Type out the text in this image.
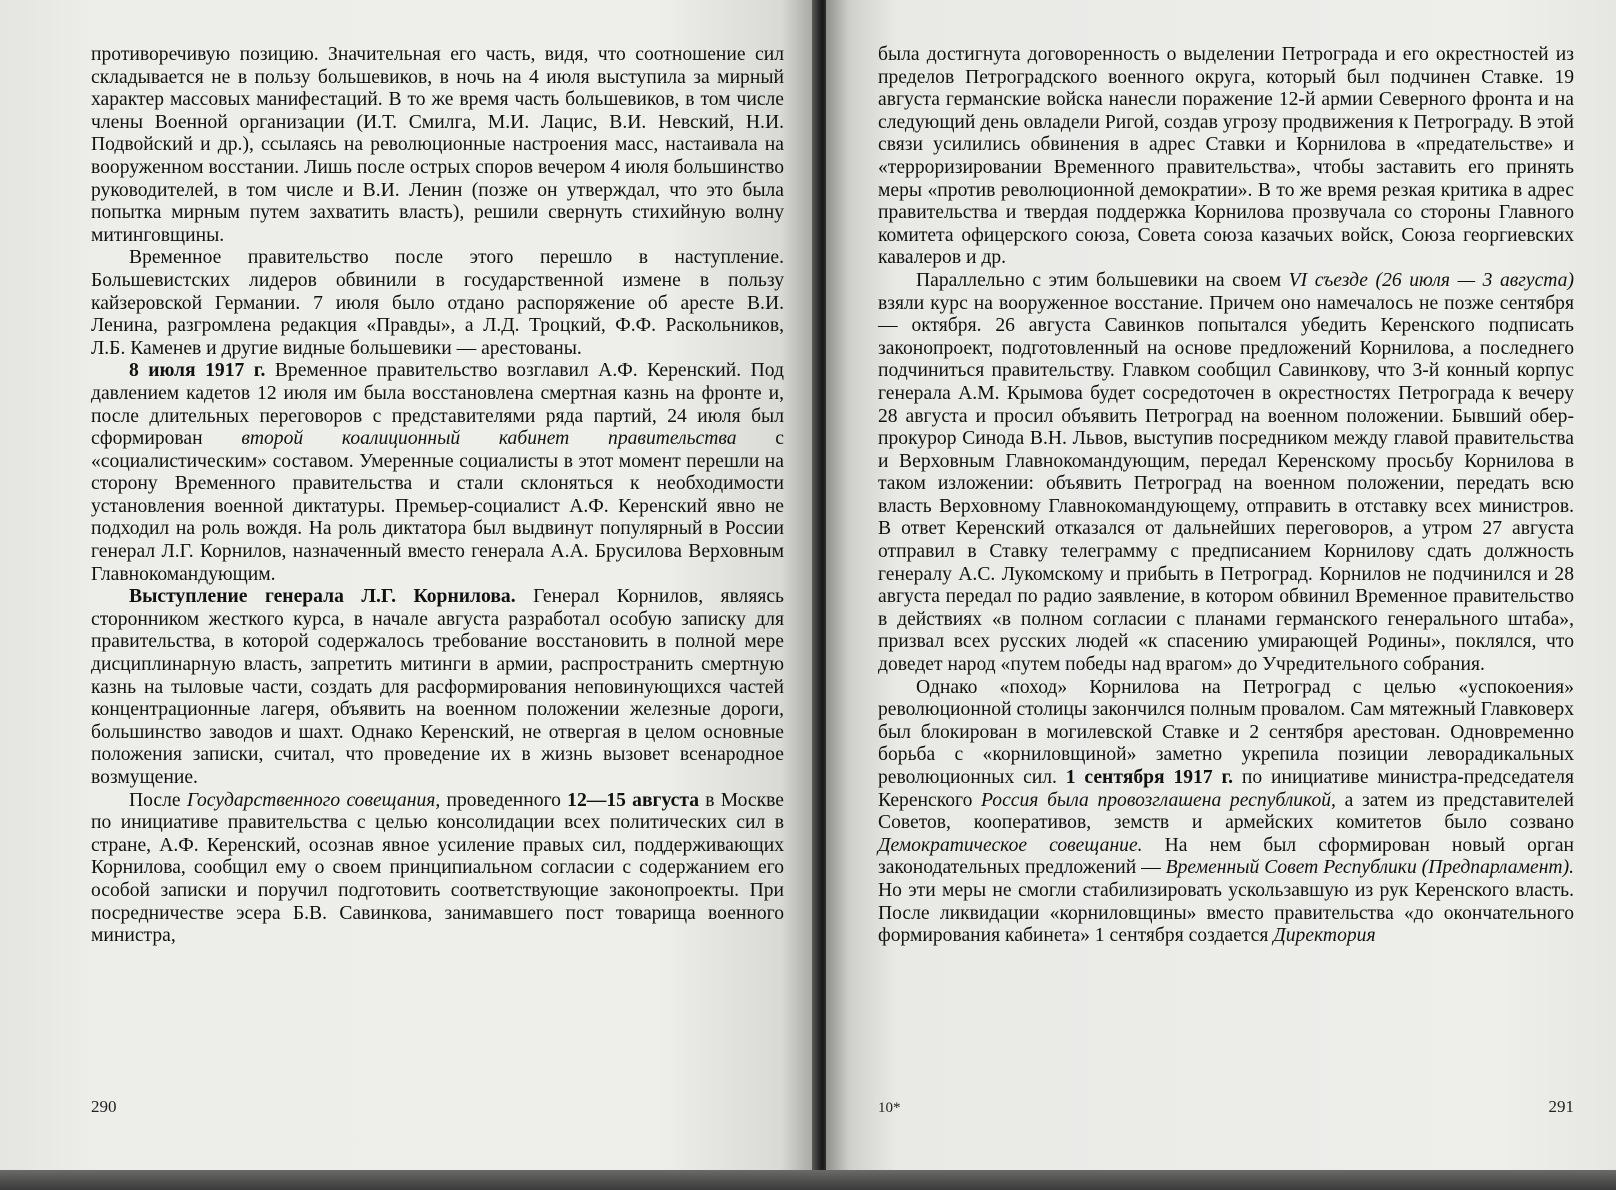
противоречивую позицию. Значительная его часть, видя, что соотношение сил складывается не в пользу большевиков, в ночь на 4 июля выступила за мирный характер массовых манифестаций. В то же время часть большевиков, в том числе члены Военной организации (И.Т. Смилга, М.И. Лацис, В.И. Невский, Н.И. Подвойский и др.), ссылаясь на революционные настроения масс, настаивала на вооруженном восстании. Лишь после острых споров вечером 4 июля большинство руководителей, в том числе и В.И. Ленин (позже он утверждал, что это была попытка мирным путем захватить власть), решили свернуть стихийную волну митинговщины.

Временное правительство после этого перешло в наступление. Большевистских лидеров обвинили в государственной измене в пользу кайзеровской Германии. 7 июля было отдано распоряжение об аресте В.И. Ленина, разгромлена редакция «Правды», а Л.Д. Троцкий, Ф.Ф. Раскольников, Л.Б. Каменев и другие видные большевики — арестованы.

8 июля 1917 г. Временное правительство возглавил А.Ф. Керенский. Под давлением кадетов 12 июля им была восстановлена смертная казнь на фронте и, после длительных переговоров с представителями ряда партий, 24 июля был сформирован второй коалиционный кабинет правительства с «социалистическим» составом. Умеренные социалисты в этот момент перешли на сторону Временного правительства и стали склоняться к необходимости установления военной диктатуры. Премьер-социалист А.Ф. Керенский явно не подходил на роль вождя. На роль диктатора был выдвинут популярный в России генерал Л.Г. Корнилов, назначенный вместо генерала А.А. Брусилова Верховным Главнокомандующим.

Выступление генерала Л.Г. Корнилова. Генерал Корнилов, являясь сторонником жесткого курса, в начале августа разработал особую записку для правительства, в которой содержалось требование восстановить в полной мере дисциплинарную власть, запретить митинги в армии, распространить смертную казнь на тыловые части, создать для расформирования неповинующихся частей концентрационные лагеря, объявить на военном положении железные дороги, большинство заводов и шахт. Однако Керенский, не отвергая в целом основные положения записки, считал, что проведение их в жизнь вызовет всенародное возмущение.

После Государственного совещания, проведенного 12—15 августа в Москве по инициативе правительства с целью консолидации всех политических сил в стране, А.Ф. Керенский, осознав явное усиление правых сил, поддерживающих Корнилова, сообщил ему о своем принципиальном согласии с содержанием его особой записки и поручил подготовить соответствующие законопроекты. При посредничестве эсера Б.В. Савинкова, занимавшего пост товарища военного министра,

290

была достигнута договоренность о выделении Петрограда и его окрестностей из пределов Петроградского военного округа, который был подчинен Ставке. 19 августа германские войска нанесли поражение 12-й армии Северного фронта и на следующий день овладели Ригой, создав угрозу продвижения к Петрограду. В этой связи усилились обвинения в адрес Ставки и Корнилова в «предательстве» и «терроризировании Временного правительства», чтобы заставить его принять меры «против революционной демократии». В то же время резкая критика в адрес правительства и твердая поддержка Корнилова прозвучала со стороны Главного комитета офицерского союза, Совета союза казачьих войск, Союза георгиевских кавалеров и др.

Параллельно с этим большевики на своем VI съезде (26 июля — 3 августа) взяли курс на вооруженное восстание. Причем оно намечалось не позже сентября — октября. 26 августа Савинков попытался убедить Керенского подписать законопроект, подготовленный на основе предложений Корнилова, а последнего подчиниться правительству. Главком сообщил Савинкову, что 3-й конный корпус генерала А.М. Крымова будет сосредоточен в окрестностях Петрограда к вечеру 28 августа и просил объявить Петроград на военном положении. Бывший обер-прокурор Синода В.Н. Львов, выступив посредником между главой правительства и Верховным Главнокомандующим, передал Керенскому просьбу Корнилова в таком изложении: объявить Петроград на военном положении, передать всю власть Верховному Главнокомандующему, отправить в отставку всех министров. В ответ Керенский отказался от дальнейших переговоров, а утром 27 августа отправил в Ставку телеграмму с предписанием Корнилову сдать должность генералу А.С. Лукомскому и прибыть в Петроград. Корнилов не подчинился и 28 августа передал по радио заявление, в котором обвинил Временное правительство в действиях «в полном согласии с планами германского генерального штаба», призвал всех русских людей «к спасению умирающей Родины», поклялся, что доведет народ «путем победы над врагом» до Учредительного собрания.

Однако «поход» Корнилова на Петроград с целью «успокоения» революционной столицы закончился полным провалом. Сам мятежный Главковерх был блокирован в могилевской Ставке и 2 сентября арестован. Одновременно борьба с «корниловщиной» заметно укрепила позиции леворадикальных революционных сил. 1 сентября 1917 г. по инициативе министра-председателя Керенского Россия была провозглашена республикой, а затем из представителей Советов, кооперативов, земств и армейских комитетов было созвано Демократическое совещание. На нем был сформирован новый орган законодательных предложений — Временный Совет Республики (Предпарламент). Но эти меры не смогли стабилизировать ускользавшую из рук Керенского власть. После ликвидации «корниловщины» вместо правительства «до окончательного формирования кабинета» 1 сентября создается Директория

10*	291
